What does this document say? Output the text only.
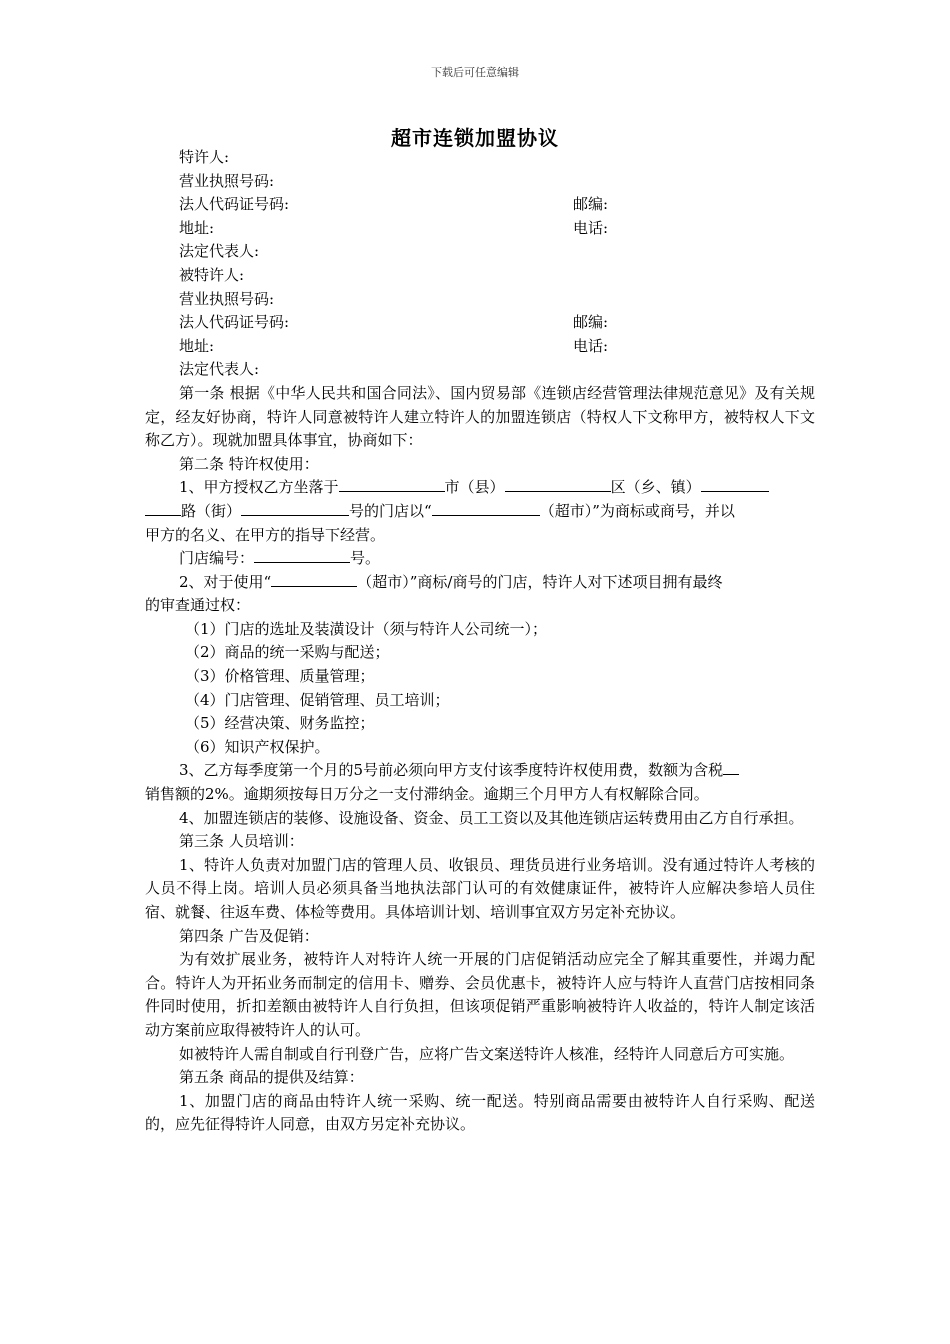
下载后可任意编辑
超市连锁加盟协议
特许人:
营业执照号码:
法人代码证号码:	邮编:
地址:	电话:
法定代表人:
被特许人:
营业执照号码:
法人代码证号码:	邮编:
地址:	电话:
法定代表人:
第一条 根据《中华人民共和国合同法》、国内贸易部《连锁店经营管理法律规范意见》及有关规定，经友好协商，特许人同意被特许人建立特许人的加盟连锁店（特权人下文称甲方，被特权人下文称乙方）。现就加盟具体事宜，协商如下：
第二条 特许权使用：
1、甲方授权乙方坐落于	市（县）	区（乡、镇）
路（街）	号的门店以“	（超市）”为商标或商号，并以
甲方的名义、在甲方的指导下经营。
门店编号：	号。
2、对于使用“	（超市）”商标/商号的门店，特许人对下述项目拥有最终
的审查通过权：
（1）门店的选址及装潢设计（须与特许人公司统一）；
（2）商品的统一采购与配送；
（3）价格管理、质量管理；
（4）门店管理、促销管理、员工培训；
（5）经营决策、财务监控；
（6）知识产权保护。
3、乙方每季度第一个月的5号前必须向甲方支付该季度特许权使用费，数额为含税
销售额的2%。逾期须按每日万分之一支付滞纳金。逾期三个月甲方人有权解除合同。
4、加盟连锁店的装修、设施设备、资金、员工工资以及其他连锁店运转费用由乙方自行承担。
第三条 人员培训：
1、特许人负责对加盟门店的管理人员、收银员、理货员进行业务培训。没有通过特许人考核的人员不得上岗。培训人员必须具备当地执法部门认可的有效健康证件，被特许人应解决参培人员住宿、就餐、往返车费、体检等费用。具体培训计划、培训事宜双方另定补充协议。
第四条 广告及促销：
为有效扩展业务，被特许人对特许人统一开展的门店促销活动应完全了解其重要性，并竭力配合。特许人为开拓业务而制定的信用卡、赠券、会员优惠卡，被特许人应与特许人直营门店按相同条件同时使用，折扣差额由被特许人自行负担，但该项促销严重影响被特许人收益的，特许人制定该活动方案前应取得被特许人的认可。
如被特许人需自制或自行刊登广告，应将广告文案送特许人核准，经特许人同意后方可实施。
第五条 商品的提供及结算：
1、加盟门店的商品由特许人统一采购、统一配送。特别商品需要由被特许人自行采购、配送的，应先征得特许人同意，由双方另定补充协议。
